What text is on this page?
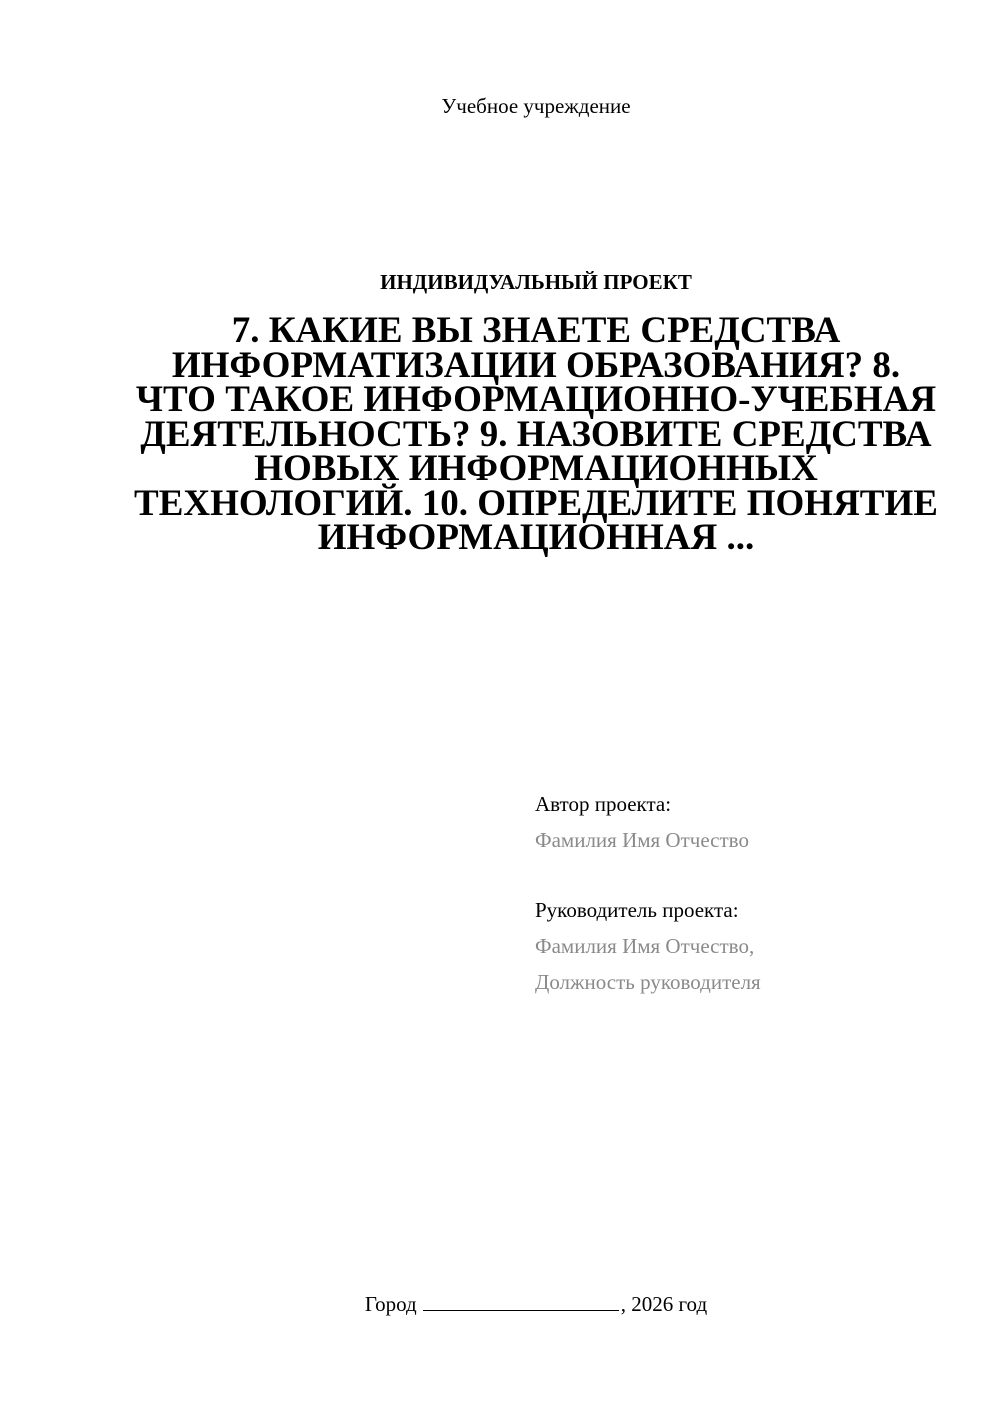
Учебное учреждение
ИНДИВИДУАЛЬНЫЙ ПРОЕКТ
7. КАКИЕ ВЫ ЗНАЕТЕ СРЕДСТВА ИНФОРМАТИЗАЦИИ ОБРАЗОВАНИЯ? 8. ЧТО ТАКОЕ ИНФОРМАЦИОННО-УЧЕБНАЯ ДЕЯТЕЛЬНОСТЬ? 9. НАЗОВИТЕ СРЕДСТВА НОВЫХ ИНФОРМАЦИОННЫХ ТЕХНОЛОГИЙ. 10. ОПРЕДЕЛИТЕ ПОНЯТИЕ ИНФОРМАЦИОННАЯ ...
Автор проекта:
Фамилия Имя Отчество
Руководитель проекта:
Фамилия Имя Отчество,
Должность руководителя
Город	, 2026 год
